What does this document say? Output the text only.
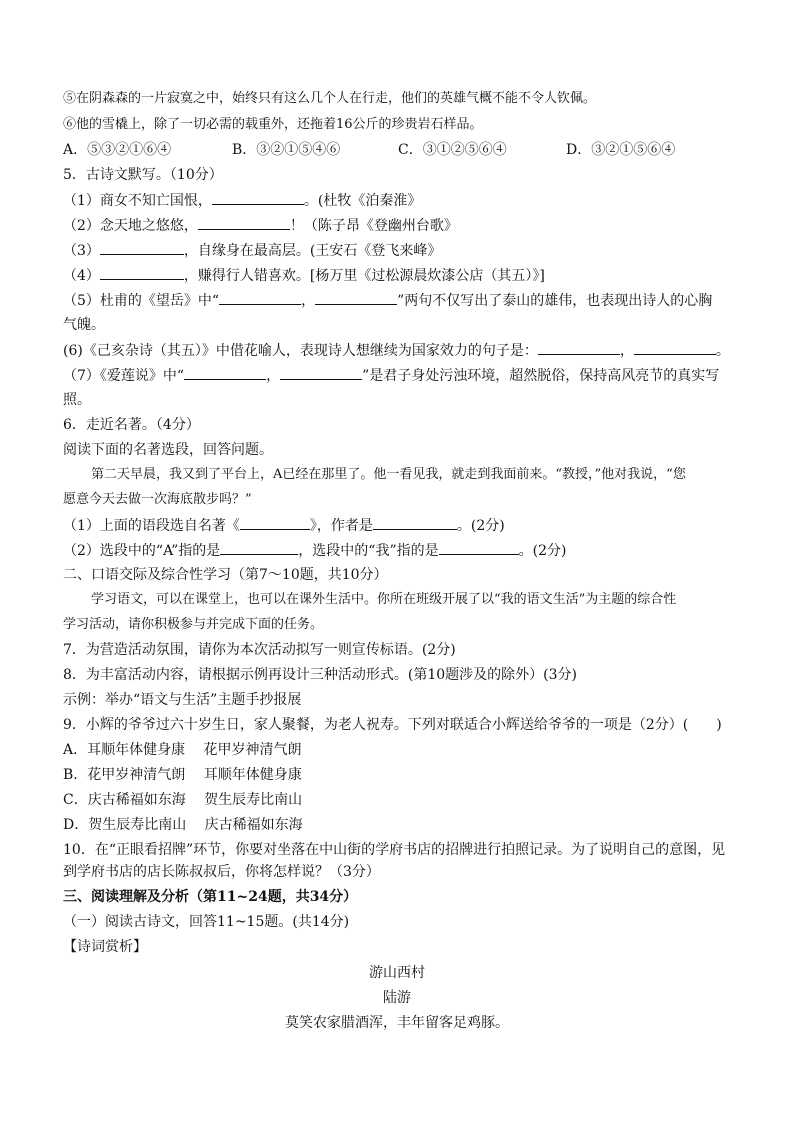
⑤在阴森森的一片寂寞之中，始终只有这么几个人在行走，他们的英雄气概不能不令人钦佩。
⑥他的雪橇上，除了一切必需的载重外，还拖着16公斤的珍贵岩石样品。
A．⑤③②①⑥④	B．③②①⑤④⑥	C．③①②⑤⑥④	D．③②①⑤⑥④
5．古诗文默写。（10分）
（1）商女不知亡国恨，	。(杜牧《泊秦淮》
（2）念天地之悠悠，	！（陈子昂《登幽州台歌》
（3）	，自缘身在最高层。(王安石《登飞来峰》
（4）	，赚得行人错喜欢。[杨万里《过松源晨炊漆公店（其五）》]
（5）杜甫的《望岳》中“	，	”两句不仅写出了泰山的雄伟，也表现出诗人的心胸
气魄。
(6)《己亥杂诗（其五）》中借花喻人，表现诗人想继续为国家效力的句子是：	，	。
（7）《爱莲说》中“	，	”是君子身处污浊环境，超然脱俗，保持高风亮节的真实写
照。
6．走近名著。（4分）
阅读下面的名著选段，回答问题。
第二天早晨，我又到了平台上，A已经在那里了。他一看见我，就走到我面前来。“教授，”他对我说，“您
愿意今天去做一次海底散步吗？”
（1）上面的语段选自名著《	》，作者是	。(2分)
（2）选段中的“A”指的是	，选段中的“我”指的是	。(2分)
二、口语交际及综合性学习（第7～10题，共10分）
学习语文，可以在课堂上，也可以在课外生活中。你所在班级开展了以“我的语文生活”为主题的综合性
学习活动，请你积极参与并完成下面的任务。
7．为营造活动氛围，请你为本次活动拟写一则宣传标语。(2分)
8．为丰富活动内容，请根据示例再设计三种活动形式。(第10题涉及的除外）(3分)
示例：举办“语文与生活”主题手抄报展
9．小辉的爷爷过六十岁生日，家人聚餐，为老人祝寿。下列对联适合小辉送给爷爷的一项是（2分）(　　)
A．耳顺年体健身康　 花甲岁神清气朗
B．花甲岁神清气朗　 耳顺年体健身康
C．庆古稀福如东海　 贺生辰寿比南山
D．贺生辰寿比南山　 庆古稀福如东海
10．在“正眼看招牌”环节，你要对坐落在中山街的学府书店的招牌进行拍照记录。为了说明自己的意图，见
到学府书店的店长陈叔叔后，你将怎样说？（3分）
三、阅读理解及分析（第11~24题，共34分）
（一）阅读古诗文，回答11~15题。(共14分)
【诗词赏析】
游山西村
陆游
莫笑农家腊酒浑，丰年留客足鸡豚。
